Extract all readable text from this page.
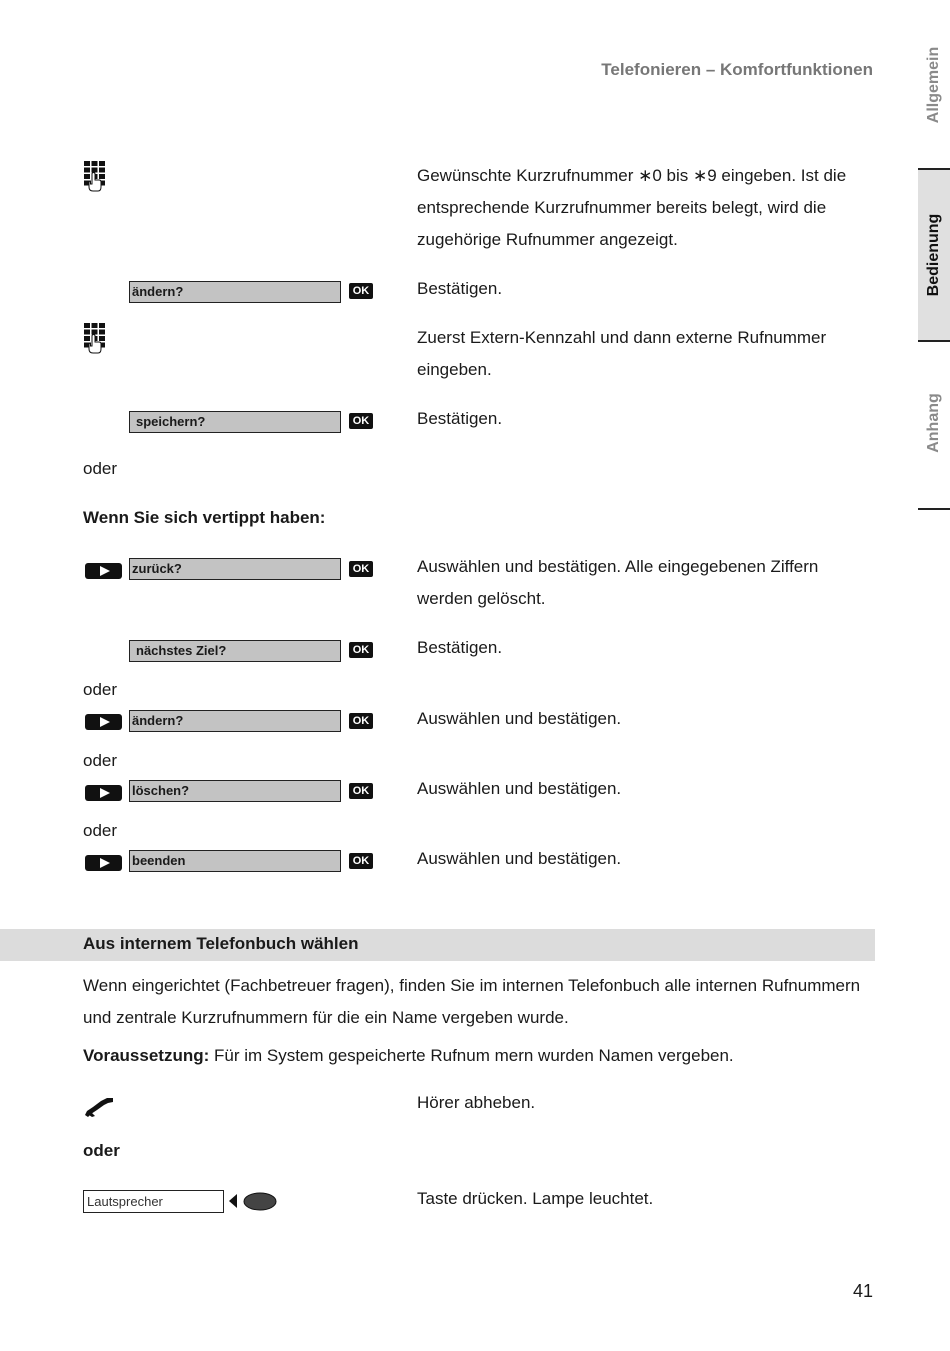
Telefonieren – Komfortfunktionen	Allgemein
Bedienung
Anhang
Gewünschte Kurzrufnummer ∗0 bis ∗9 eingeben. Ist die entsprechende Kurzrufnummer bereits belegt, wird die zugehörige Rufnummer angezeigt.
ändern?	OK	Bestätigen.
Zuerst Extern-Kennzahl und dann externe Rufnummer eingeben.
speichern?	OK	Bestätigen.
oder
Wenn Sie sich vertippt haben:
zurück?	OK	Auswählen und bestätigen. Alle eingegebenen Ziffern werden gelöscht.
nächstes Ziel?	OK	Bestätigen.
oder
ändern?	OK	Auswählen und bestätigen.
oder
löschen?	OK	Auswählen und bestätigen.
oder
beenden	OK	Auswählen und bestätigen.
Aus internem Telefonbuch wählen
Wenn eingerichtet (Fachbetreuer fragen), finden Sie im internen Telefonbuch alle internen Rufnummern und zentrale Kurzrufnummern für die ein Name vergeben wurde.
Voraussetzung: Für im System gespeicherte Rufnum mern wurden Namen vergeben.
Hörer abheben.
oder
Lautsprecher	Taste drücken. Lampe leuchtet.
41
